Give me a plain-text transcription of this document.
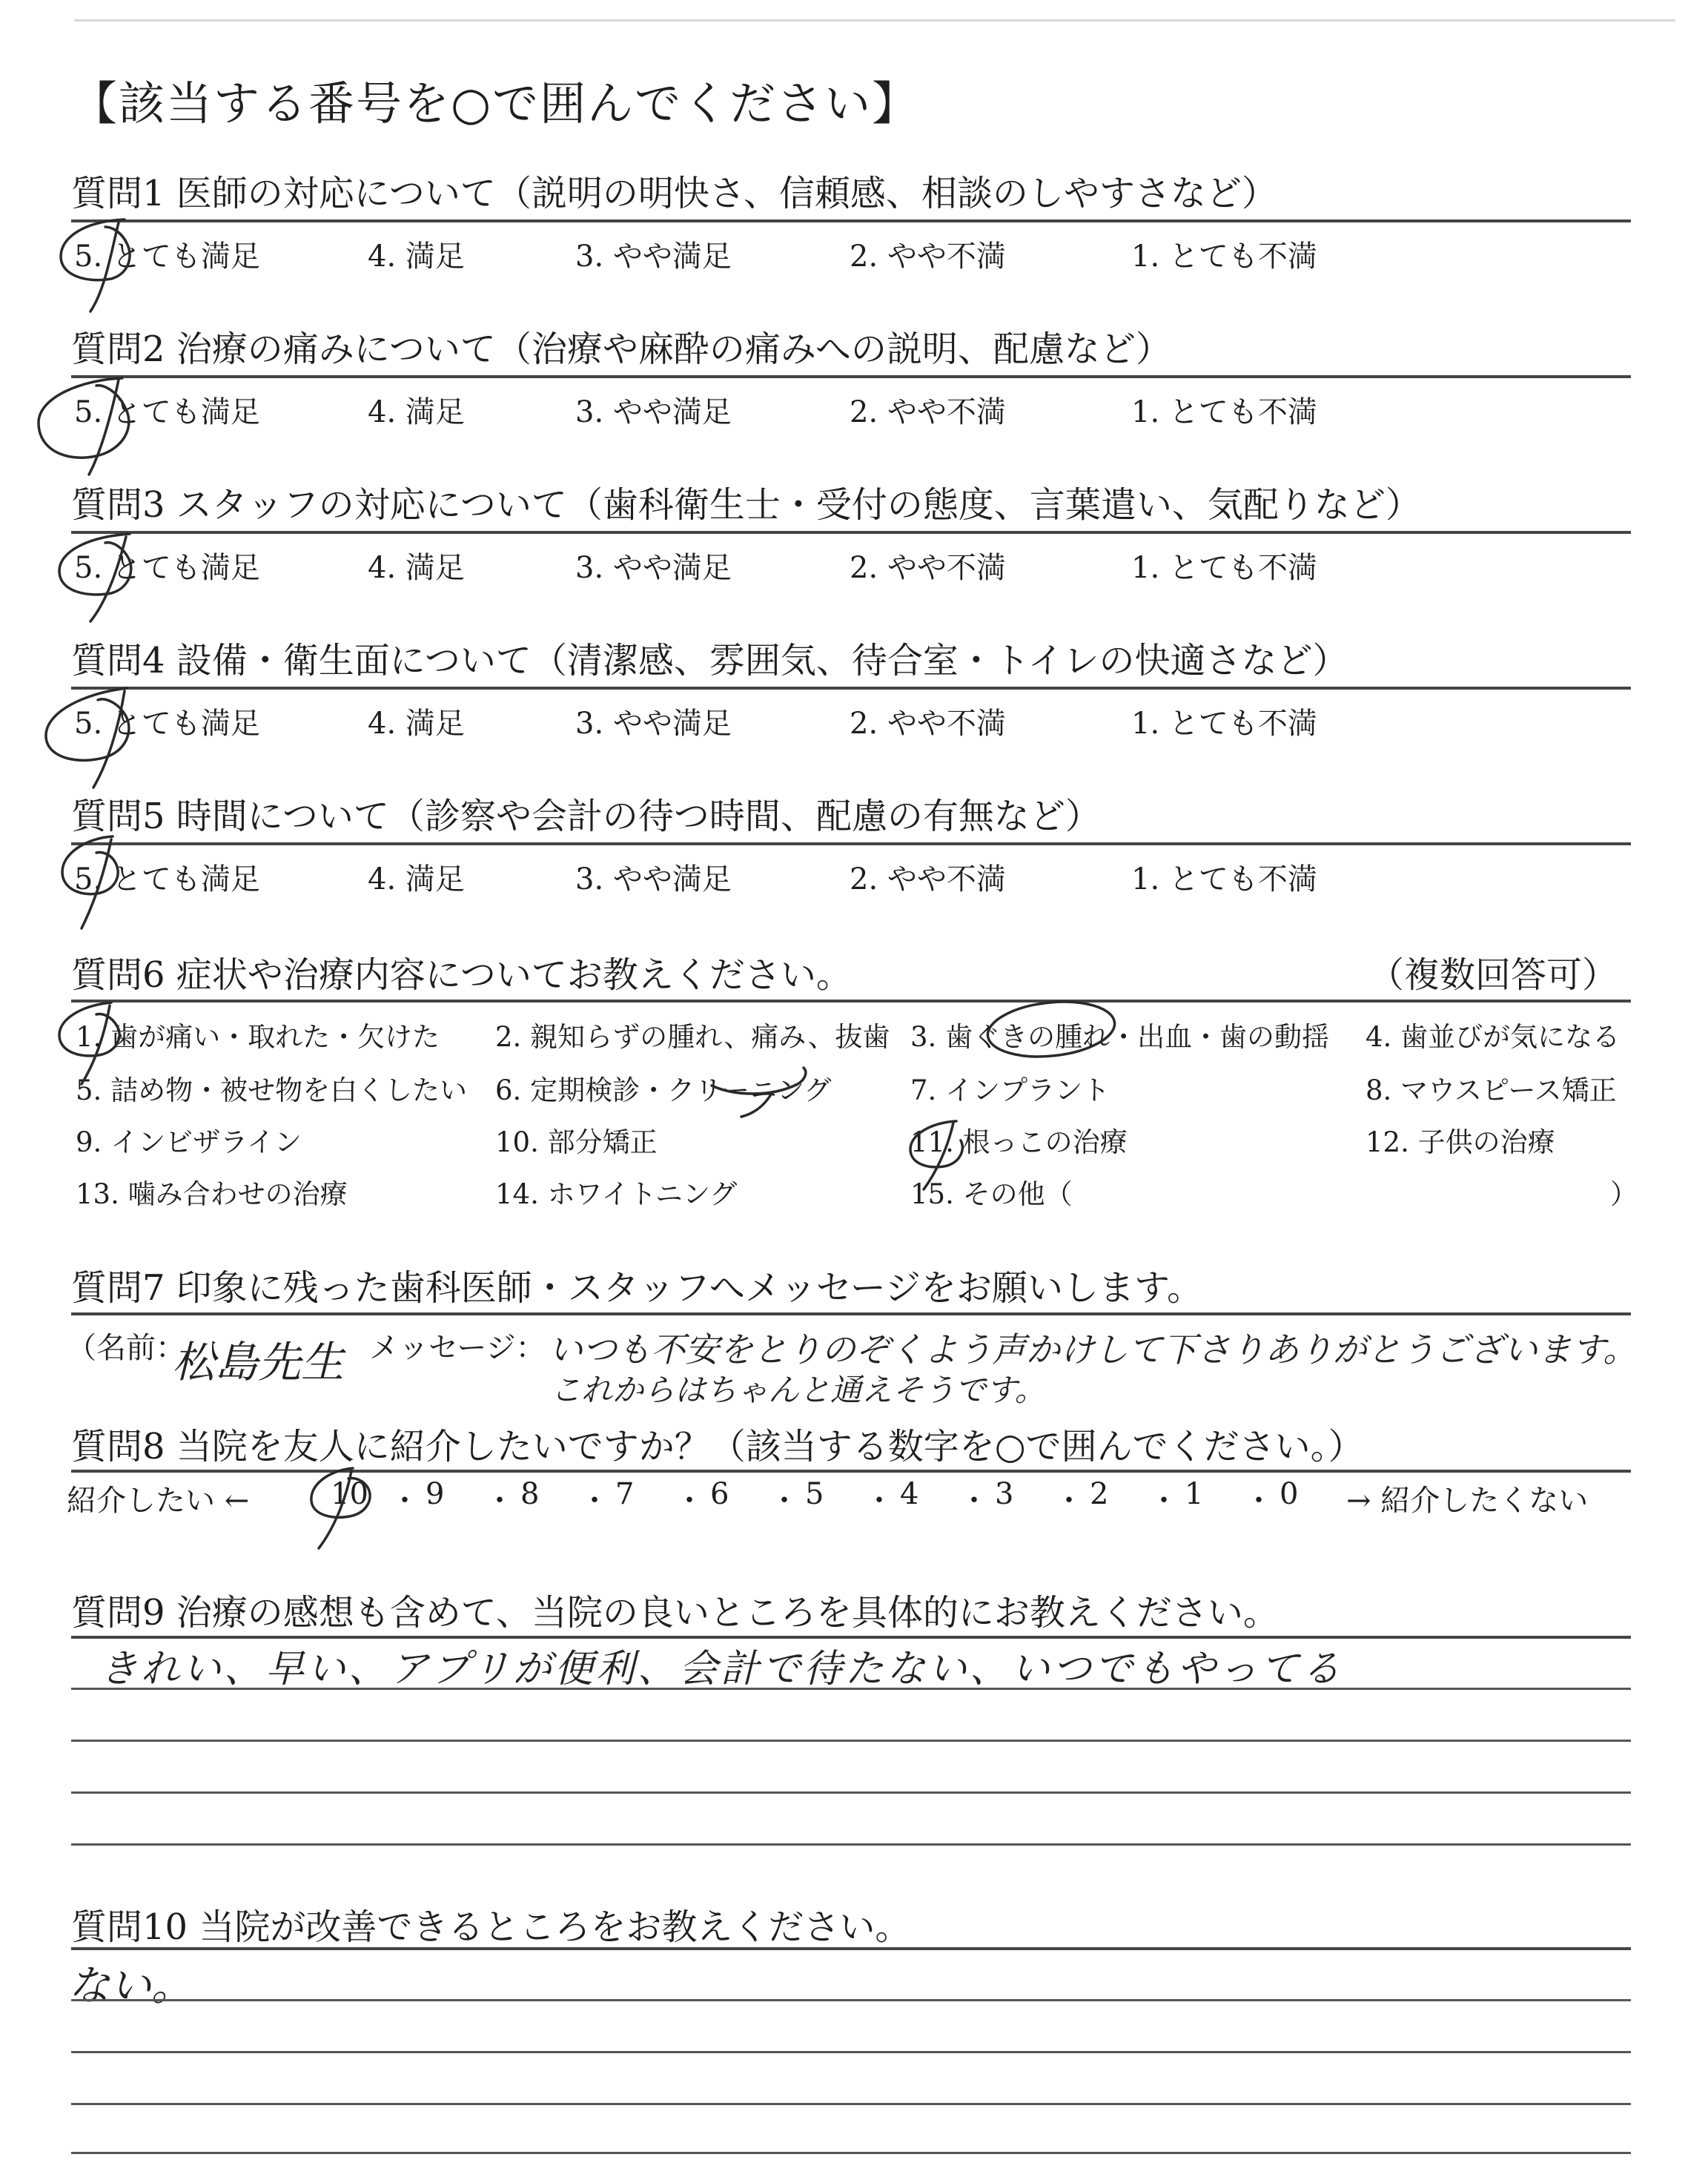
【該当する番号を○で囲んでください】
質問1 医師の対応について（説明の明快さ、信頼感、相談のしやすさなど）
5. とても満足	4. 満足	3. やや満足	2. やや不満	1. とても不満
質問2 治療の痛みについて（治療や麻酔の痛みへの説明、配慮など）
5. とても満足	4. 満足	3. やや満足	2. やや不満	1. とても不満
質問3 スタッフの対応について（歯科衛生士・受付の態度、言葉遣い、気配りなど）
5. とても満足	4. 満足	3. やや満足	2. やや不満	1. とても不満
質問4 設備・衛生面について（清潔感、雰囲気、待合室・トイレの快適さなど）
5. とても満足	4. 満足	3. やや満足	2. やや不満	1. とても不満
質問5 時間について（診察や会計の待つ時間、配慮の有無など）
5. とても満足	4. 満足	3. やや満足	2. やや不満	1. とても不満
質問6 症状や治療内容についてお教えください。	（複数回答可）
1. 歯が痛い・取れた・欠けた 2. 親知らずの腫れ、痛み、抜歯 3. 歯ぐきの腫れ・出血・歯の動揺 4. 歯並びが気になる
5. 詰め物・被せ物を白くしたい 6. 定期検診・クリーニング	7. インプラント	8. マウスピース矯正
9. インビザライン	10. 部分矯正	11. 根っこの治療	12. 子供の治療
13. 噛み合わせの治療	14. ホワイトニング	15. その他（	）
質問7 印象に残った歯科医師・スタッフへメッセージをお願いします。
（名前：
松島先生 メッセージ： いつも不安をとりのぞくよう声かけして下さりありがとうございます。
これからはちゃんと通えそうです。
質問8 当院を友人に紹介したいですか？（該当する数字を○で囲んでください。）
紹介したい ←	10 ・ 9 ・ 8 ・ 7 ・ 6 ・ 5 ・ 4 ・ 3 ・ 2 ・ 1 ・ 0 → 紹介したくない
質問9 治療の感想も含めて、当院の良いところを具体的にお教えください。
きれい、早い、アプリが便利、会計で待たない、いつでもやってる
質問10 当院が改善できるところをお教えください。
ない。
